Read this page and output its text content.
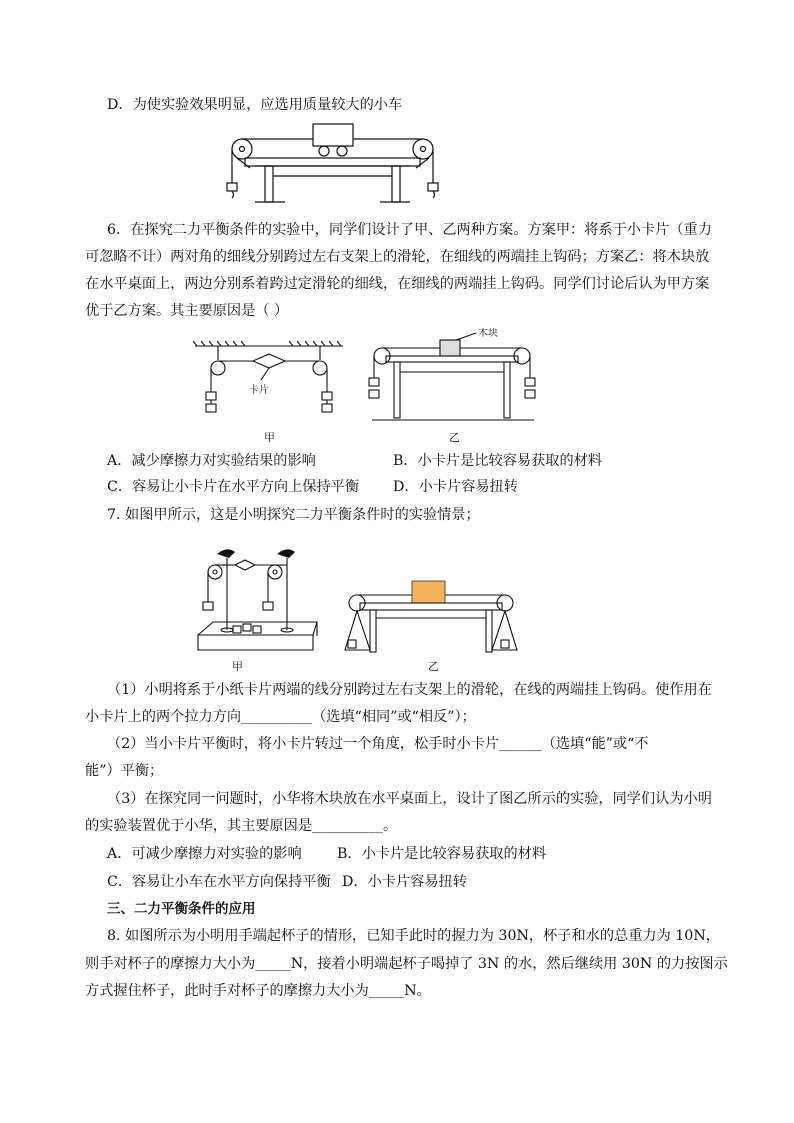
D．为使实验效果明显，应选用质量较大的小车
6．在探究二力平衡条件的实验中，同学们设计了甲、乙两种方案。方案甲：将系于小卡片（重力
可忽略不计）两对角的细线分别跨过左右支架上的滑轮，在细线的两端挂上钩码；方案乙：将木块放
在水平桌面上，两边分别系着跨过定滑轮的细线，在细线的两端挂上钩码。同学们讨论后认为甲方案
优于乙方案。其主要原因是（ ）
卡片
甲
木块
乙
A．减少摩擦力对实验结果的影响	B．小卡片是比较容易获取的材料
C．容易让小卡片在水平方向上保持平衡 D．小卡片容易扭转
7. 如图甲所示，这是小明探究二力平衡条件时的实验情景；
甲	乙
（1）小明将系于小纸卡片两端的线分别跨过左右支架上的滑轮，在线的两端挂上钩码。使作用在
小卡片上的两个拉力方向__________（选填“相同”或“相反”）；
（2）当小卡片平衡时，将小卡片转过一个角度，松手时小卡片______（选填“能”或“不
能”）平衡；
（3）在探究同一问题时，小华将木块放在水平桌面上，设计了图乙所示的实验，同学们认为小明
的实验装置优于小华，其主要原因是__________。
A．可减少摩擦力对实验的影响 B．小卡片是比较容易获取的材料
C．容易让小车在水平方向保持平衡 D．小卡片容易扭转
三、二力平衡条件的应用
8. 如图所示为小明用手端起杯子的情形，已知手此时的握力为 30N，杯子和水的总重力为 10N，
则手对杯子的摩擦力大小为_____N，接着小明端起杯子喝掉了 3N 的水，然后继续用 30N 的力按图示
方式握住杯子，此时手对杯子的摩擦力大小为_____N。
